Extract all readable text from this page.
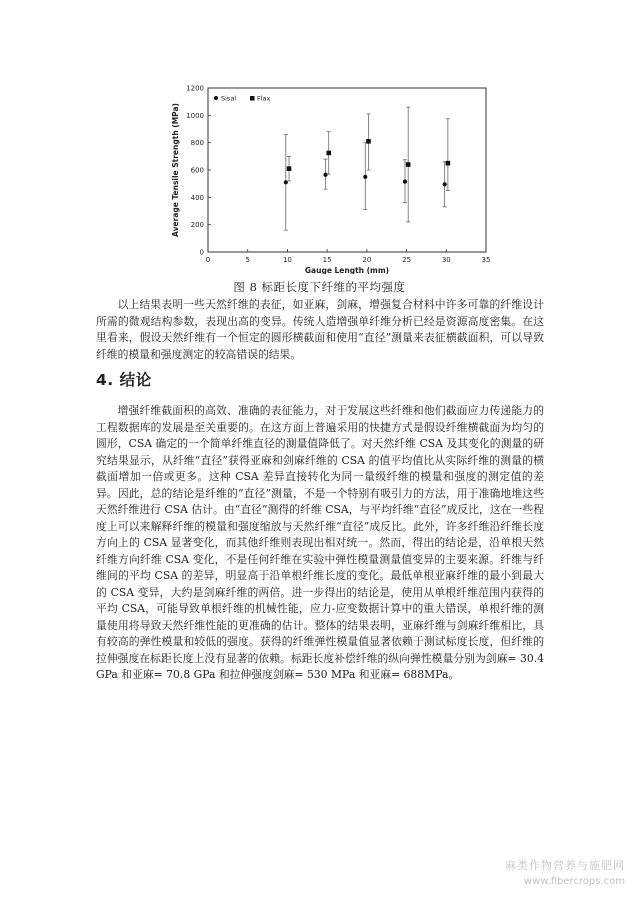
0	5	10	15	20	25	30	35
0
200
400
600
800
1000
1200
Gauge Length (mm)
Average Tensile Strength (MPa)
Sisal	Flax
图 8 标距长度下纤维的平均强度

以上结果表明一些天然纤维的表征，如亚麻，剑麻，增强复合材料中许多可靠的纤维设计所需的微观结构参数，表现出高的变异。传统人造增强单纤维分析已经是资源高度密集。在这里看来，假设天然纤维有一个恒定的圆形横截面和使用“直径”测量来表征横截面积，可以导致纤维的模量和强度测定的较高错误的结果。

4. 结论

增强纤维截面积的高效、准确的表征能力，对于发展这些纤维和他们截面应力传递能力的工程数据库的发展是至关重要的。在这方面上普遍采用的快捷方式是假设纤维横截面为均匀的圆形，CSA 确定的一个简单纤维直径的测量值降低了。对天然纤维 CSA 及其变化的测量的研究结果显示，从纤维“直径”获得亚麻和剑麻纤维的 CSA 的值平均值比从实际纤维的测量的横截面增加一倍或更多。这种 CSA 差异直接转化为同一量级纤维的模量和强度的测定值的差异。因此，总的结论是纤维的“直径”测量，不是一个特别有吸引力的方法，用于准确地堆这些天然纤维进行 CSA 估计。由“直径”测得的纤维 CSA，与平均纤维“直径”成反比，这在一些程度上可以来解释纤维的模量和强度缩放与天然纤维“直径”成反比。此外，许多纤维沿纤维长度方向上的 CSA 显著变化，而其他纤维则表现出相对统一。然而，得出的结论是，沿单根天然纤维方向纤维 CSA 变化，不是任何纤维在实验中弹性模量测量值变异的主要来源。纤维与纤维间的平均 CSA 的差异，明显高于沿单根纤维长度的变化。最低单根亚麻纤维的最小到最大的 CSA 变异，大约是剑麻纤维的两倍。进一步得出的结论是，使用从单根纤维范围内获得的平均 CSA，可能导致单根纤维的机械性能，应力-应变数据计算中的重大错误，单根纤维的测量使用将导致天然纤维性能的更准确的估计。整体的结果表明，亚麻纤维与剑麻纤维相比，具有较高的弹性模量和较低的强度。获得的纤维弹性模量值显著依赖于测试标度长度，但纤维的拉伸强度在标距长度上没有显著的依赖。标距长度补偿纤维的纵向弹性模量分别为剑麻= 30.4 GPa 和亚麻= 70.8 GPa 和拉伸强度剑麻= 530 MPa 和亚麻= 688MPa。

麻类作物营养与施肥网
www.fibercrops.com
